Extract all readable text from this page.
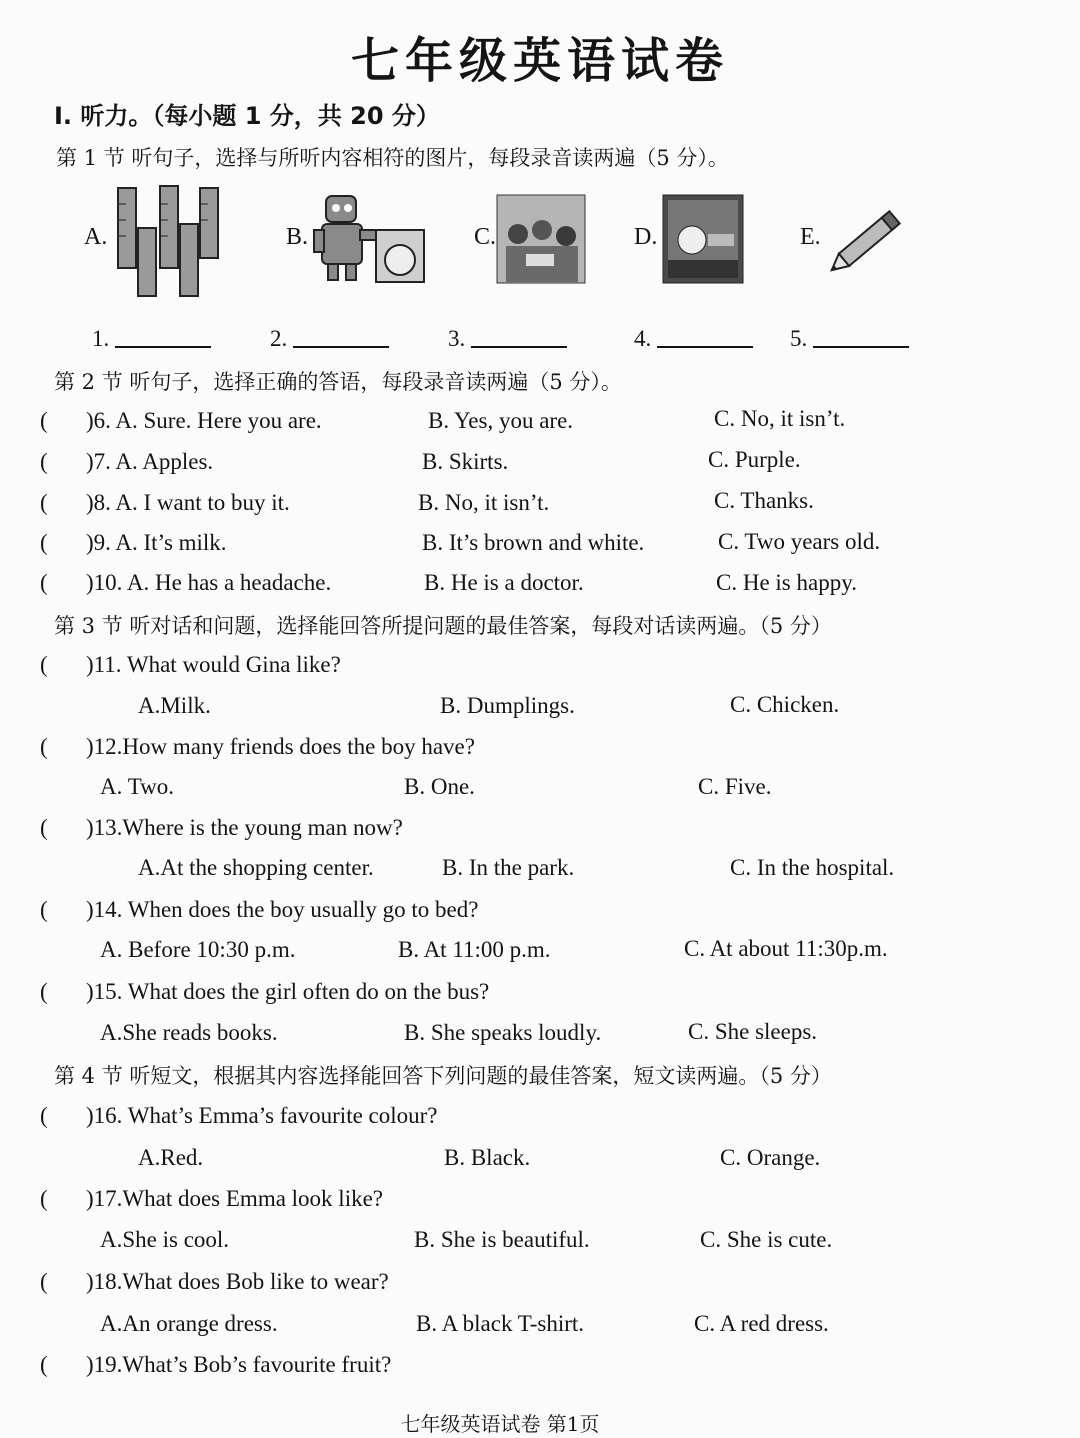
七年级英语试卷
Ⅰ. 听力。（每小题 1 分，共 20 分）
第 1 节 听句子，选择与所听内容相符的图片，每段录音读两遍（5 分）。
A.	B.	C.	D.	E.
1.	2.	3.	4.	5.
第 2 节 听句子，选择正确的答语，每段录音读两遍（5 分）。
( )6. A. Sure. Here you are.	B. Yes, you are.	C. No, it isn’t.
( )7. A. Apples.	B. Skirts.	C. Purple.
( )8. A. I want to buy it.	B. No, it isn’t.	C. Thanks.
( )9. A. It’s milk.	B. It’s brown and white.	C. Two years old.
( )10. A. He has a headache.	B. He is a doctor.	C. He is happy.
第 3 节 听对话和问题，选择能回答所提问题的最佳答案，每段对话读两遍。（5 分）
( )11. What would Gina like?
A.Milk.	B. Dumplings.	C. Chicken.
( )12.How many friends does the boy have?
A. Two.	B. One.	C. Five.
( )13.Where is the young man now?
A.At the shopping center.	B. In the park.	C. In the hospital.
( )14. When does the boy usually go to bed?
A. Before 10:30 p.m.	B. At 11:00 p.m.	C. At about 11:30p.m.
( )15. What does the girl often do on the bus?
A.She reads books.	B. She speaks loudly.	C. She sleeps.
第 4 节 听短文，根据其内容选择能回答下列问题的最佳答案，短文读两遍。（5 分）
( )16. What’s Emma’s favourite colour?
A.Red.	B. Black.	C. Orange.
( )17.What does Emma look like?
A.She is cool.	B. She is beautiful.	C. She is cute.
( )18.What does Bob like to wear?
A.An orange dress.	B. A black T-shirt.	C. A red dress.
( )19.What’s Bob’s favourite fruit?
七年级英语试卷 第1页
